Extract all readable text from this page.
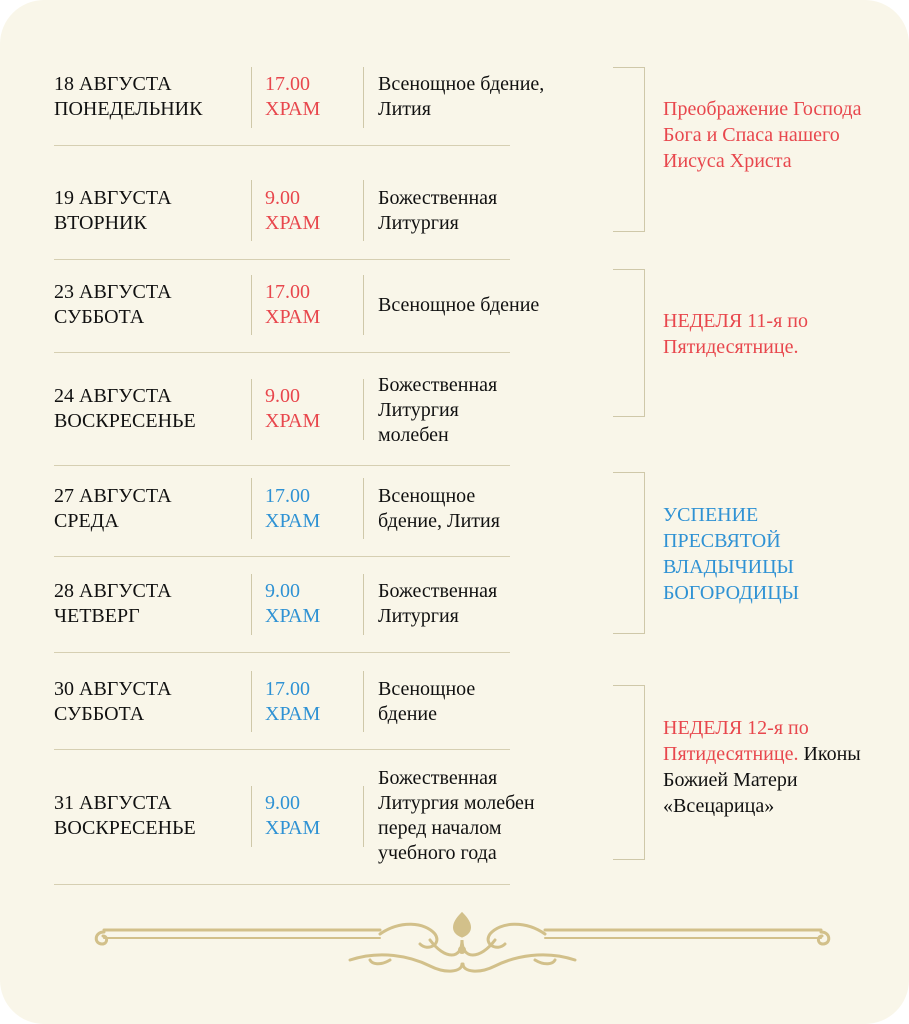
18 АВГУСТА
ПОНЕДЕЛЬНИК
17.00
ХРАМ
Всенощное бдение,
Лития
19 АВГУСТА
ВТОРНИК
9.00
ХРАМ
Божественная
Литургия
23 АВГУСТА
СУББОТА
17.00
ХРАМ
Всенощное бдение
24 АВГУСТА
ВОСКРЕСЕНЬЕ
9.00
ХРАМ
Божественная
Литургия
молебен
27 АВГУСТА
СРЕДА
17.00
ХРАМ
Всенощное
бдение, Лития
28 АВГУСТА
ЧЕТВЕРГ
9.00
ХРАМ
Божественная
Литургия
30 АВГУСТА
СУББОТА
17.00
ХРАМ
Всенощное
бдение
31 АВГУСТА
ВОСКРЕСЕНЬЕ
9.00
ХРАМ
Божественная
Литургия молебен
перед началом
учебного года
Преображение Господа
Бога и Спаса нашего
Иисуса Христа
НЕДЕЛЯ 11-я по
Пятидесятнице.
УСПЕНИЕ
ПРЕСВЯТОЙ
ВЛАДЫЧИЦЫ
БОГОРОДИЦЫ
НЕДЕЛЯ 12-я по
Пятидесятнице. Иконы
Божией Матери
«Всецарица»
